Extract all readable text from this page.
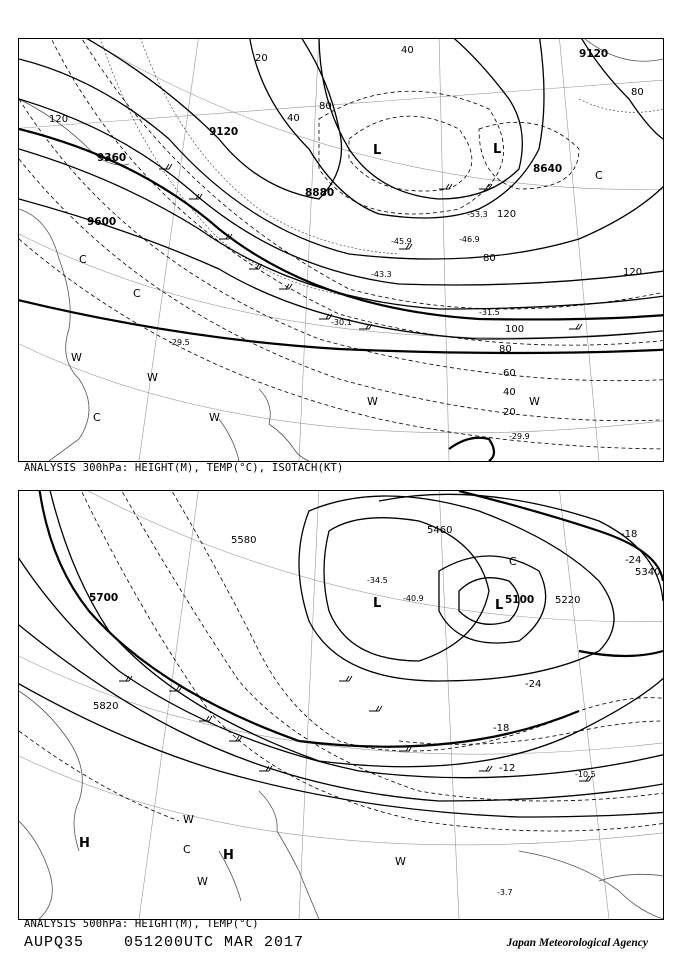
9120
9360
9600
8880
8640
9120
120
100
80
60
40
20
120
80
40
80
20
40
120
80
-29.9
-29.5
-30.1
-31.5
-43.3
-45.9	-46.9
-53.3
L	L
C
C
C
C
W
W
W
W	W
ANALYSIS 300hPa: HEIGHT(M), TEMP(°C), ISOTACH(KT)
5580
5700
5820
5460
5100 5220
5340
-18
-24
-24
-18
-12
-10.5
-34.5
-40.9
-3.7
L	L
C
C
H
H
W
W
W
ANALYSIS 500hPa: HEIGHT(M), TEMP(°C)
AUPQ35	051200UTC MAR 2017	Japan Meteorological Agency
